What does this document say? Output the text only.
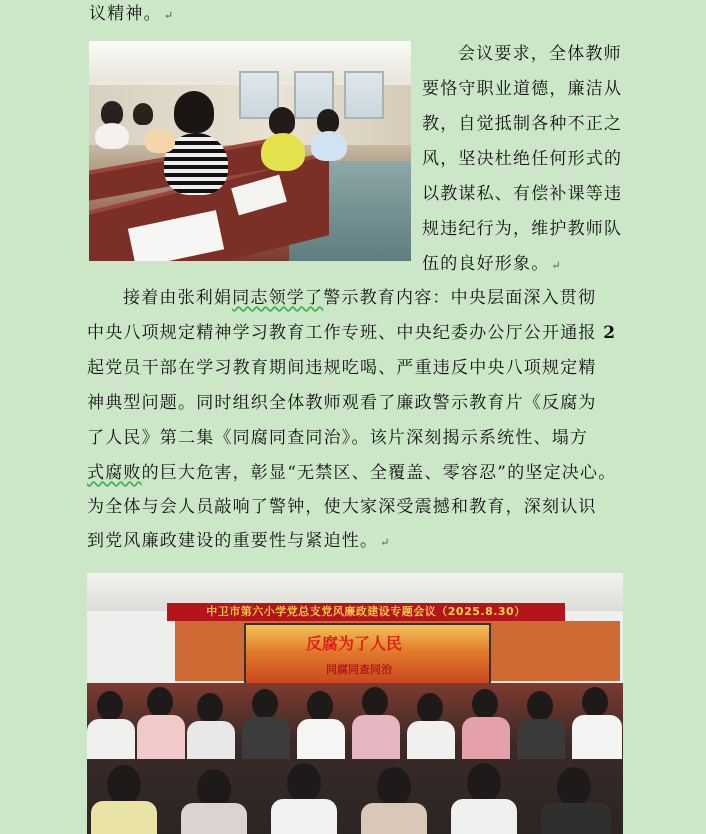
议精神。 ↵
会议要求，全体教师
要恪守职业道德，廉洁从
教，自觉抵制各种不正之
风，坚决杜绝任何形式的
以教谋私、有偿补课等违
规违纪行为，维护教师队
伍的良好形象。 ↵
接着由张利娟同志领学了警示教育内容：中央层面深入贯彻
中央八项规定精神学习教育工作专班、中央纪委办公厅公开通报 2
起党员干部在学习教育期间违规吃喝、严重违反中央八项规定精
神典型问题。同时组织全体教师观看了廉政警示教育片《反腐为
了人民》第二集《同腐同查同治》。该片深刻揭示系统性、塌方
式腐败的巨大危害，彰显“无禁区、全覆盖、零容忍”的坚定决心。
为全体与会人员敲响了警钟，使大家深受震撼和教育，深刻认识
到党风廉政建设的重要性与紧迫性。 ↵
中卫市第六小学党总支党风廉政建设专题会议（2025.8.30）
反腐为了人民
同腐同查同治
